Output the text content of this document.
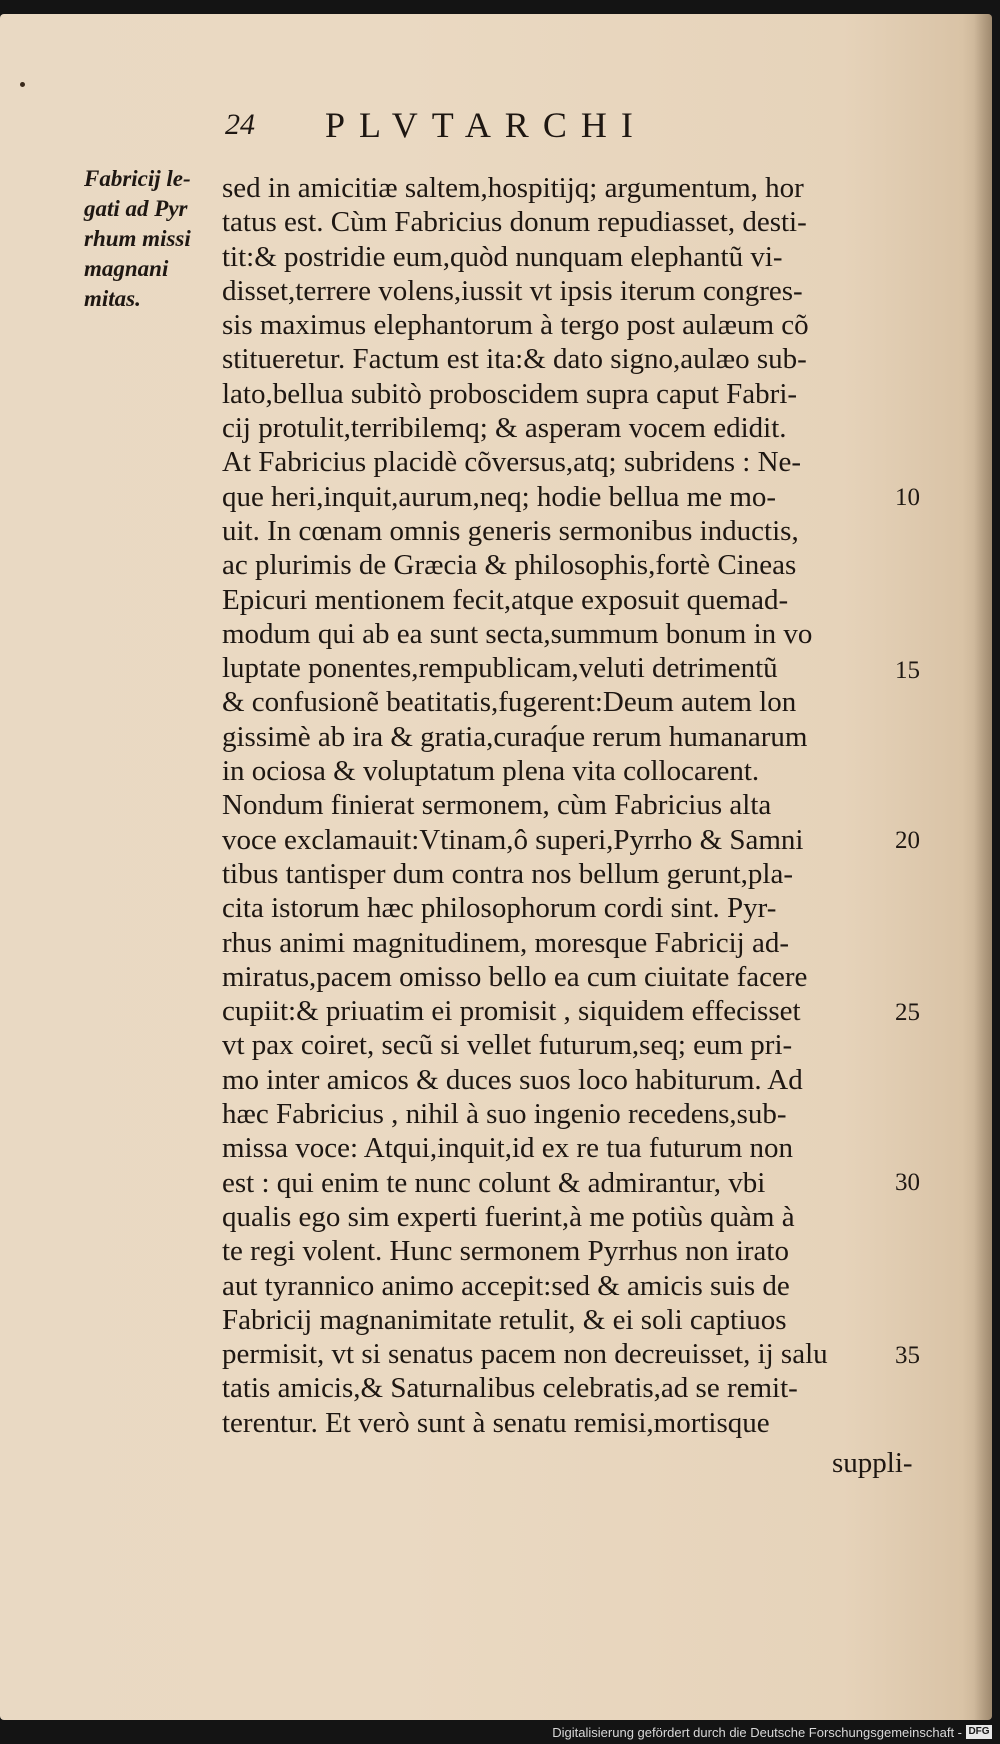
24 PLVTARCHI
Fabricij le-
gati ad Pyr
rhum missi
magnani
mitas.
sed in amicitiæ saltem,hospitijq; argumentum, hor
tatus est. Cùm Fabricius donum repudiasset, desti-
tit:& postridie eum,quòd nunquam elephantũ vi-
disset,terrere volens,iussit vt ipsis iterum congres-
sis maximus elephantorum à tergo post aulæum cõ
stitueretur. Factum est ita:& dato signo,aulæo sub-
lato,bellua subitò proboscidem supra caput Fabri-
cij protulit,terribilemq; & asperam vocem edidit.
At Fabricius placidè cõversus,atq; subridens : Ne-
que heri,inquit,aurum,neq; hodie bellua me mo-
uit. In cœnam omnis generis sermonibus inductis,
ac plurimis de Græcia & philosophis,fortè Cineas
Epicuri mentionem fecit,atque exposuit quemad-
modum qui ab ea sunt secta,summum bonum in vo
luptate ponentes,rempublicam,veluti detrimentũ
& confusionẽ beatitatis,fugerent:Deum autem lon
gissimè ab ira & gratia,curaq́ue rerum humanarum
in ociosa & voluptatum plena vita collocarent.
Nondum finierat sermonem, cùm Fabricius alta
voce exclamauit:Vtinam,ô superi,Pyrrho & Samni
tibus tantisper dum contra nos bellum gerunt,pla-
cita istorum hæc philosophorum cordi sint. Pyr-
rhus animi magnitudinem, moresque Fabricij ad-
miratus,pacem omisso bello ea cum ciuitate facere
cupiit:& priuatim ei promisit , siquidem effecisset
vt pax coiret, secũ si vellet futurum,seq; eum pri-
mo inter amicos & duces suos loco habiturum. Ad
hæc Fabricius , nihil à suo ingenio recedens,sub-
missa voce: Atqui,inquit,id ex re tua futurum non
est : qui enim te nunc colunt & admirantur, vbi
qualis ego sim experti fuerint,à me potiùs quàm à
te regi volent. Hunc sermonem Pyrrhus non irato
aut tyrannico animo accepit:sed & amicis suis de
Fabricij magnanimitate retulit, & ei soli captiuos
permisit, vt si senatus pacem non decreuisset, ij salu
tatis amicis,& Saturnalibus celebratis,ad se remit-
terentur. Et verò sunt à senatu remisi,mortisque
suppli-
10
15
20
25
30
35
Digitalisierung gefördert durch die Deutsche Forschungsgemeinschaft - DFG
